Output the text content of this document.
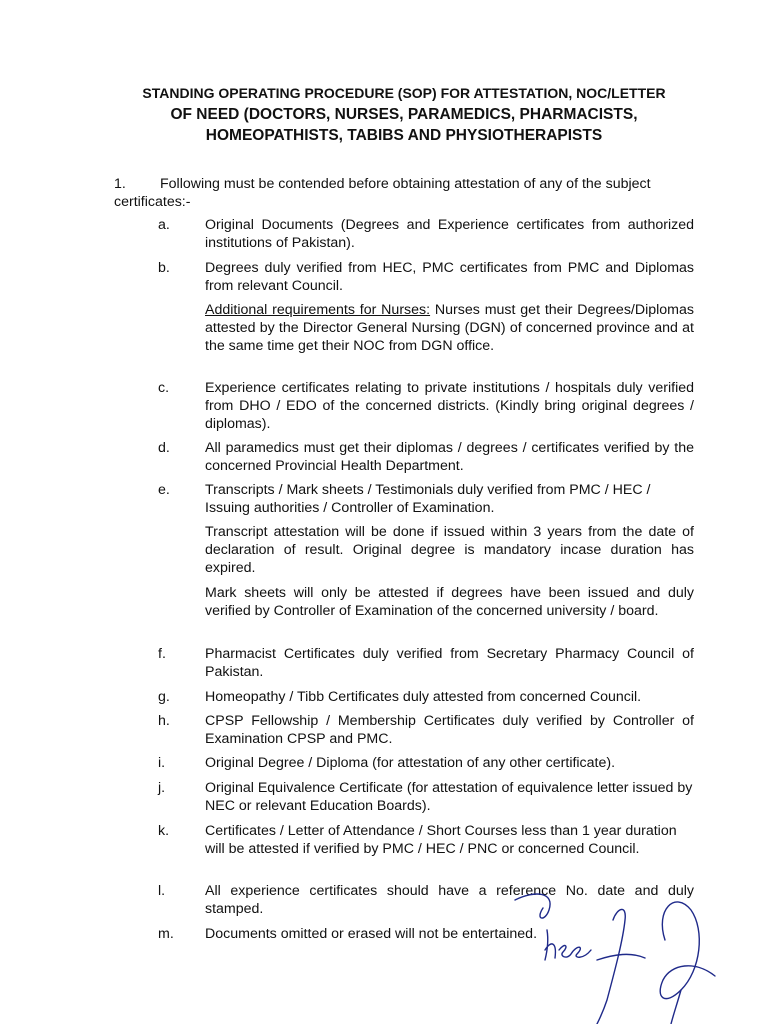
STANDING OPERATING PROCEDURE (SOP) FOR ATTESTATION, NOC/LETTER
OF NEED (DOCTORS, NURSES, PARAMEDICS, PHARMACISTS,
HOMEOPATHISTS, TABIBS AND PHYSIOTHERAPISTS
1. Following must be contended before obtaining attestation of any of the subject certificates:-
a. Original Documents (Degrees and Experience certificates from authorized institutions of Pakistan).
b. Degrees duly verified from HEC, PMC certificates from PMC and Diplomas from relevant Council.
Additional requirements for Nurses: Nurses must get their Degrees/Diplomas attested by the Director General Nursing (DGN) of concerned province and at the same time get their NOC from DGN office.
c.	Experience certificates relating to private institutions / hospitals duly verified from DHO / EDO of the concerned districts. (Kindly bring original degrees / diplomas).
d. All paramedics must get their diplomas / degrees / certificates verified by the concerned Provincial Health Department.
e. Transcripts / Mark sheets / Testimonials duly verified from PMC / HEC / Issuing authorities / Controller of Examination.
Transcript attestation will be done if issued within 3 years from the date of declaration of result. Original degree is mandatory incase duration has expired.
Mark sheets will only be attested if degrees have been issued and duly verified by Controller of Examination of the concerned university / board.
f.	Pharmacist Certificates duly verified from Secretary Pharmacy Council of Pakistan.
g. Homeopathy / Tibb Certificates duly attested from concerned Council.
h. CPSP Fellowship / Membership Certificates duly verified by Controller of Examination CPSP and PMC.
i.	Original Degree / Diploma (for attestation of any other certificate).
j.	Original Equivalence Certificate (for attestation of equivalence letter issued by NEC or relevant Education Boards).
k.	Certificates / Letter of Attendance / Short Courses less than 1 year duration will be attested if verified by PMC / HEC / PNC or concerned Council.
l.	All experience certificates should have a reference No. date and duly stamped.
m. Documents omitted or erased will not be entertained.
